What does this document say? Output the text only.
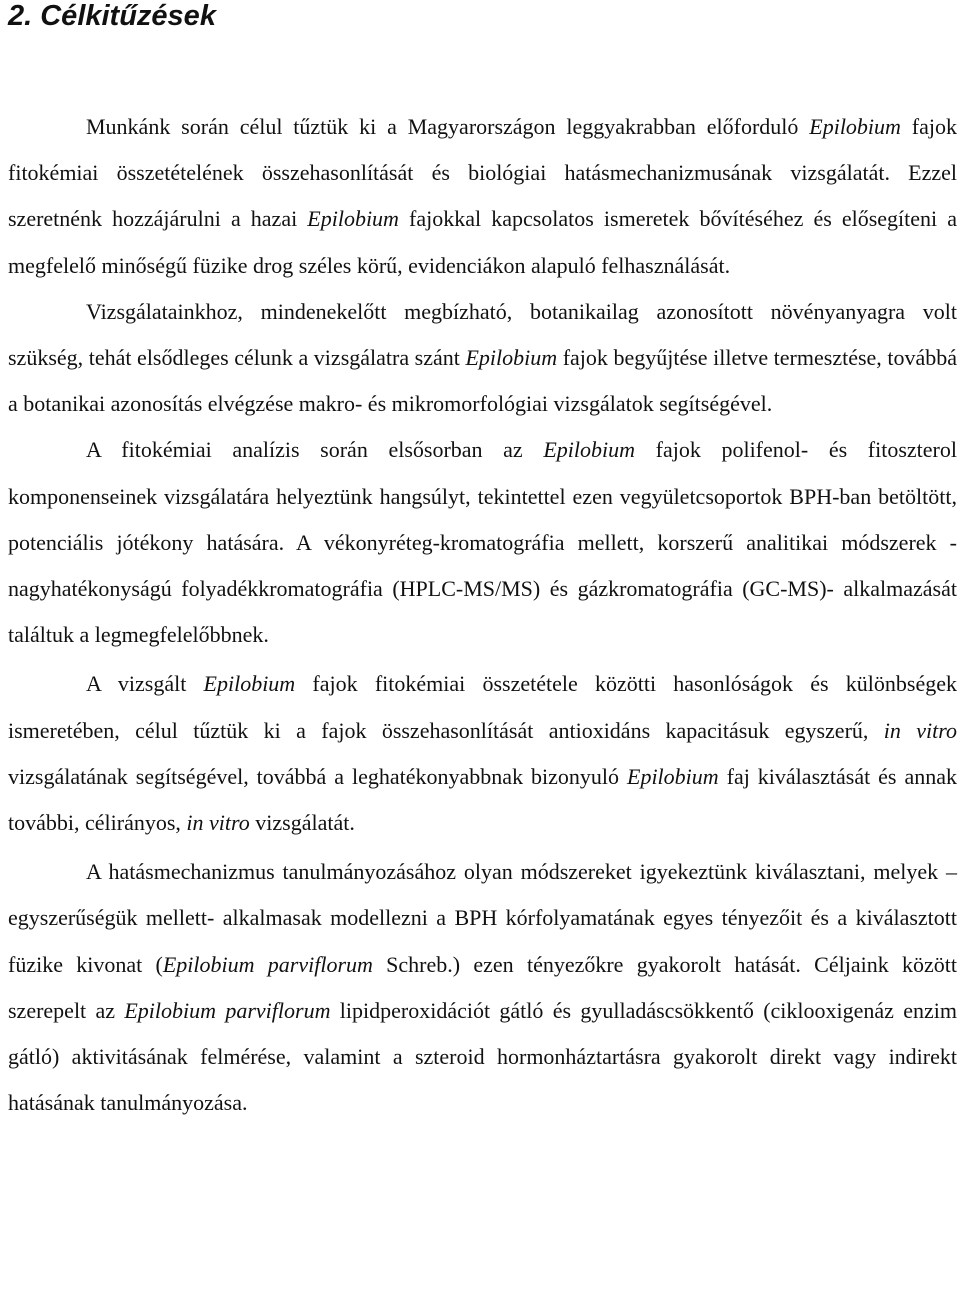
2. Célkitűzések

Munkánk során célul tűztük ki a Magyarországon leggyakrabban előforduló Epilobium fajok fitokémiai összetételének összehasonlítását és biológiai hatásmechanizmusának vizsgálatát. Ezzel szeretnénk hozzájárulni a hazai Epilobium fajokkal kapcsolatos ismeretek bővítéséhez és elősegíteni a megfelelő minőségű füzike drog széles körű, evidenciákon alapuló felhasználását.

Vizsgálatainkhoz, mindenekelőtt megbízható, botanikailag azonosított növényanyagra volt szükség, tehát elsődleges célunk a vizsgálatra szánt Epilobium fajok begyűjtése illetve termesztése, továbbá a botanikai azonosítás elvégzése makro- és mikromorfológiai vizsgálatok segítségével.

A fitokémiai analízis során elsősorban az Epilobium fajok polifenol- és fitoszterol komponenseinek vizsgálatára helyeztünk hangsúlyt, tekintettel ezen vegyületcsoportok BPH-ban betöltött, potenciális jótékony hatására. A vékonyréteg-kromatográfia mellett, korszerű analitikai módszerek -nagyhatékonyságú folyadékkromatográfia (HPLC-MS/MS) és gázkromatográfia (GC-MS)- alkalmazását találtuk a legmegfelelőbbnek.

A vizsgált Epilobium fajok fitokémiai összetétele közötti hasonlóságok és különbségek ismeretében, célul tűztük ki a fajok összehasonlítását antioxidáns kapacitásuk egyszerű, in vitro vizsgálatának segítségével, továbbá a leghatékonyabbnak bizonyuló Epilobium faj kiválasztását és annak további, célirányos, in vitro vizsgálatát.

A hatásmechanizmus tanulmányozásához olyan módszereket igyekeztünk kiválasztani, melyek –egyszerűségük mellett- alkalmasak modellezni a BPH kórfolyamatának egyes tényezőit és a kiválasztott füzike kivonat (Epilobium parviflorum Schreb.) ezen tényezőkre gyakorolt hatását. Céljaink között szerepelt az Epilobium parviflorum lipidperoxidációt gátló és gyulladáscsökkentő (ciklooxigenáz enzim gátló) aktivitásának felmérése, valamint a szteroid hormonháztartásra gyakorolt direkt vagy indirekt hatásának tanulmányozása.
